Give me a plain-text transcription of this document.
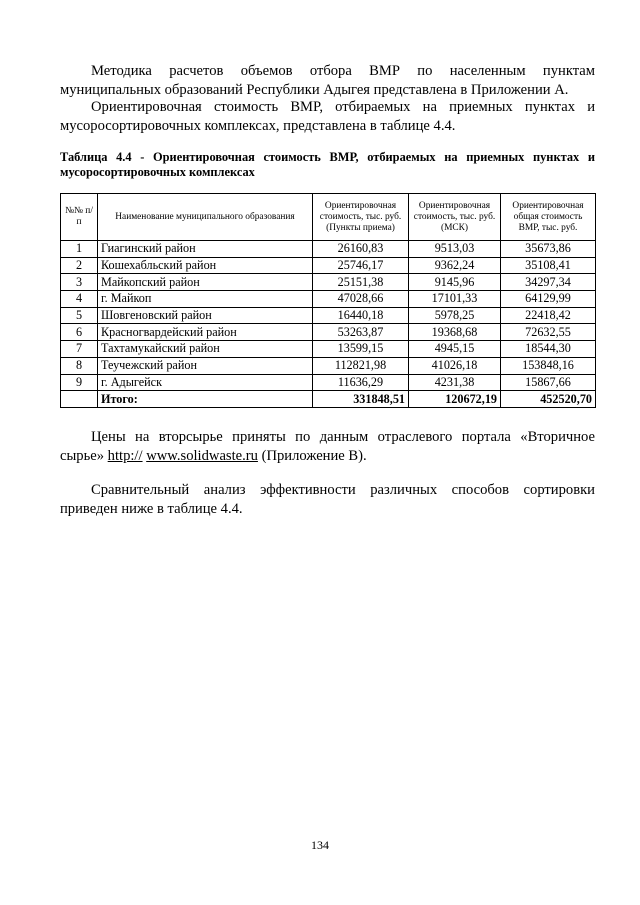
Методика расчетов объемов отбора ВМР по населенным пунктам муниципальных образований Республики Адыгея представлена в Приложении А.

Ориентировочная стоимость ВМР, отбираемых на приемных пунктах и мусоросортировочных комплексах, представлена в таблице 4.4.

Таблица 4.4 - Ориентировочная стоимость ВМР, отбираемых на приемных пунктах и мусоросортировочных комплексах

№№ п/п	Наименование муниципального образования	Ориентировочная стоимость, тыс. руб. (Пункты приема)	Ориентировочная стоимость, тыс. руб. (МСК)	Ориентировочная общая стоимость ВМР, тыс. руб.
1	Гиагинский район	26160,83	9513,03	35673,86
2	Кошехабльский район	25746,17	9362,24	35108,41
3	Майкопский район	25151,38	9145,96	34297,34
4	г. Майкоп	47028,66	17101,33	64129,99
5	Шовгеновский район	16440,18	5978,25	22418,42
6	Красногвардейский район	53263,87	19368,68	72632,55
7	Тахтамукайский район	13599,15	4945,15	18544,30
8	Теучежский район	112821,98	41026,18	153848,16
9	г. Адыгейск	11636,29	4231,38	15867,66
	Итого:	331848,51	120672,19	452520,70

Цены на вторсырье приняты по данным отраслевого портала «Вторичное сырье» http:// www.solidwaste.ru (Приложение В).

Сравнительный анализ эффективности различных способов сортировки приведен ниже в таблице 4.4.

134
